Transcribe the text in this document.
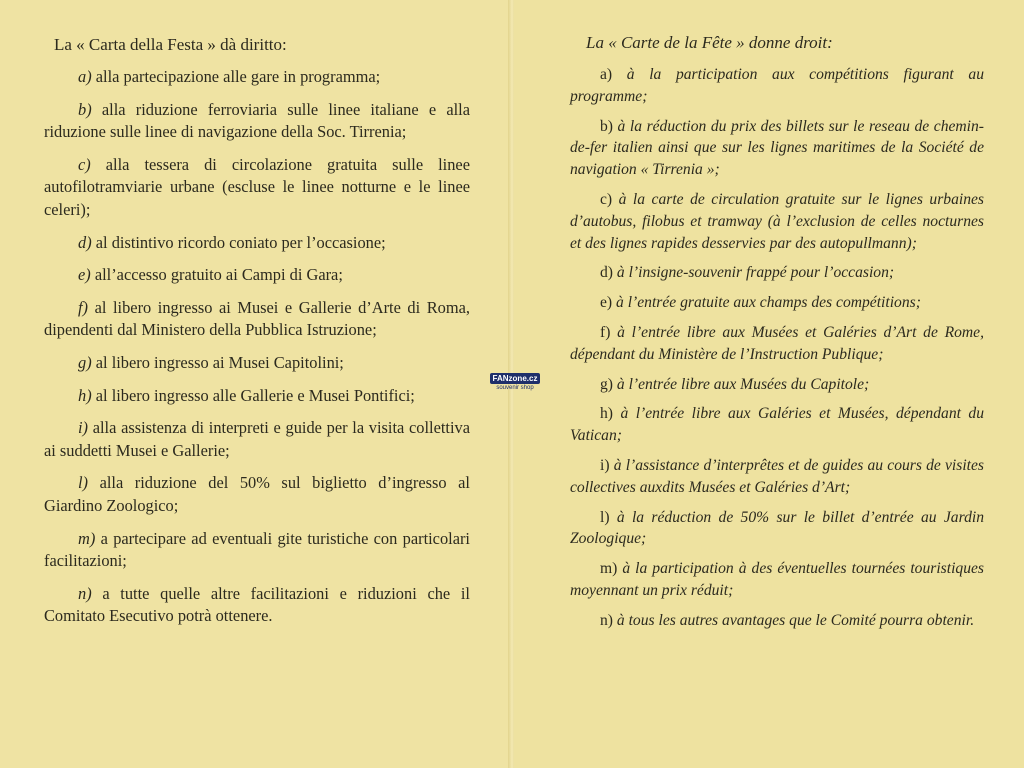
La « Carta della Festa » dà diritto:

a) alla partecipazione alle gare in programma;

b) alla riduzione ferroviaria sulle linee italiane e alla riduzione sulle linee di navigazione della Soc. Tirrenia;

c) alla tessera di circolazione gratuita sulle linee autofilotramviarie urbane (escluse le linee notturne e le linee celeri);

d) al distintivo ricordo coniato per l’occasione;

e) all’accesso gratuito ai Campi di Gara;

f) al libero ingresso ai Musei e Gallerie d’Arte di Roma, dipendenti dal Ministero della Pubblica Istruzione;

g) al libero ingresso ai Musei Capitolini;

h) al libero ingresso alle Gallerie e Musei Pontifici;

i) alla assistenza di interpreti e guide per la visita collettiva ai suddetti Musei e Gallerie;

l) alla riduzione del 50% sul biglietto d’ingresso al Giardino Zoologico;

m) a partecipare ad eventuali gite turistiche con particolari facilitazioni;

n) a tutte quelle altre facilitazioni e riduzioni che il Comitato Esecutivo potrà ottenere.

La « Carte de la Fête » donne droit:

a) à la participation aux compétitions figurant au programme;

b) à la réduction du prix des billets sur le reseau de chemin-de-fer italien ainsi que sur les lignes maritimes de la Société de navigation « Tirrenia »;

c) à la carte de circulation gratuite sur le lignes urbaines d’autobus, filobus et tramway (à l’exclusion de celles nocturnes et des lignes rapides desservies par des autopullmann);

d) à l’insigne-souvenir frappé pour l’occasion;

e) à l’entrée gratuite aux champs des compétitions;

f) à l’entrée libre aux Musées et Galéries d’Art de Rome, dépendant du Ministère de l’Instruction Publique;

g) à l’entrée libre aux Musées du Capitole;

h) à l’entrée libre aux Galéries et Musées, dépendant du Vatican;

i) à l’assistance d’interprêtes et de guides au cours de visites collectives auxdits Musées et Galéries d’Art;

l) à la réduction de 50% sur le billet d’entrée au Jardin Zoologique;

m) à la participation à des éventuelles tournées touristiques moyennant un prix réduit;

n) à tous les autres avantages que le Comité pourra obtenir.

FANzone.cz
souvenir shop
